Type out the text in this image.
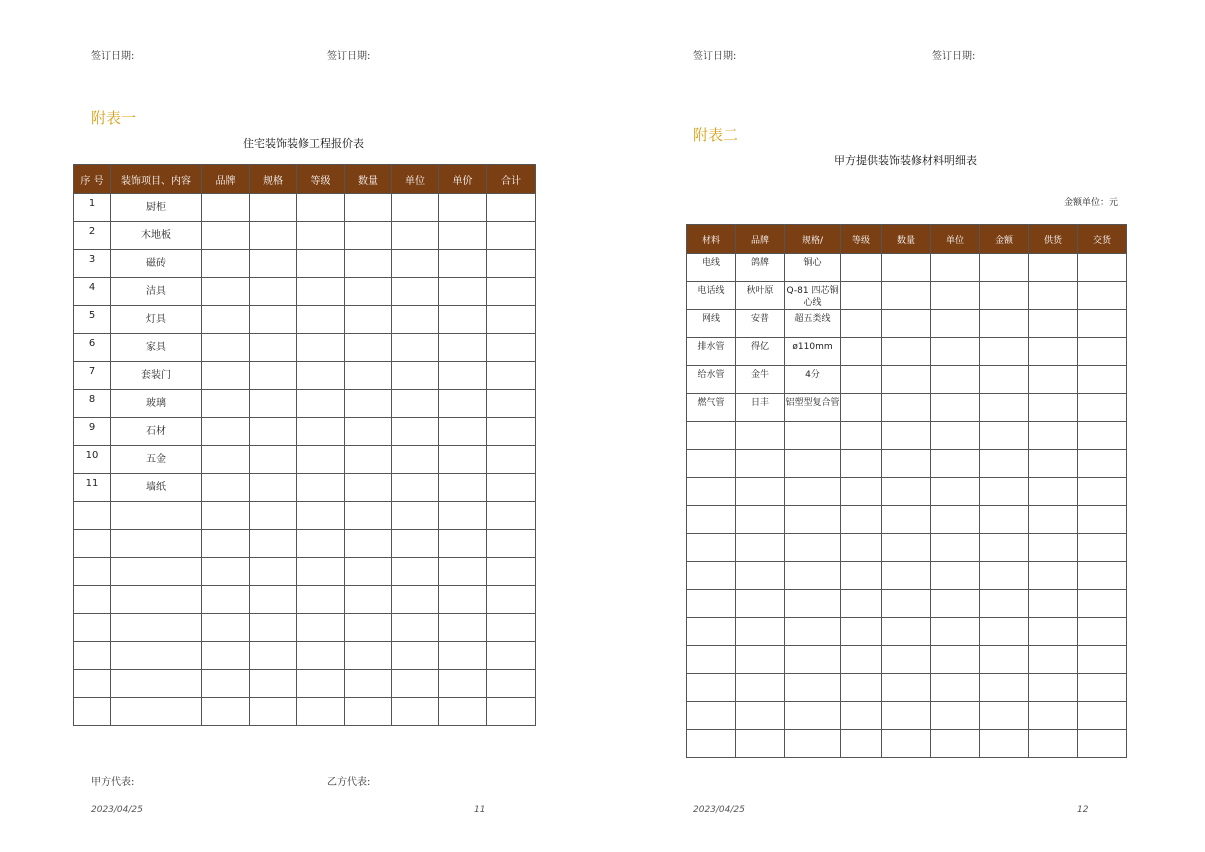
签订日期:	签订日期:
附表一
住宅装饰装修工程报价表
序 号	装饰项目、内容	品牌	规格	等级	数量	单位	单价	合计
1	厨柜							
2	木地板							
3	磁砖							
4	洁具							
5	灯具							
6	家具							
7	套装门							
8	玻璃							
9	石材							
10	五金							
11	墙纸							

甲方代表:	乙方代表:
2023/04/25	11
签订日期:	签订日期:
附表二
甲方提供装饰装修材料明细表
金额单位：元
材料	品牌	规格/	等级	数量	单位	金额	供货	交货
电线	鸽牌	铜心						
电话线	秋叶原	Q-81 四芯铜心线						
网线	安普	超五类线						
排水管	得亿	ø110mm						
给水管	金牛	4分						
燃气管	日丰	铝塑型复合管						

2023/04/25	12
